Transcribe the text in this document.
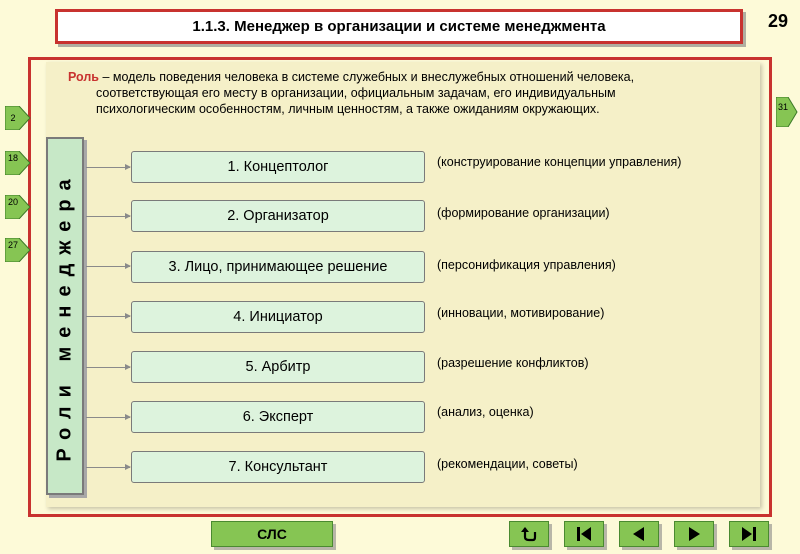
1.1.3. Менеджер в организации и системе менеджмента	29
Роль – модель поведения человека в системе служебных и внеслужебных отношений человека,
соответствующая его месту в организации, официальным задачам, его индивидуальным
психологическим особенностям, личным ценностям, а также ожиданиям окружающих.
Роли менеджера
1. Концептолог
2. Организатор
3. Лицо, принимающее решение
4. Инициатор
5. Арбитр
6. Эксперт
7. Консультант
(конструирование концепции управления)
(формирование организации)
(персонификация управления)
(инновации, мотивирование)
(разрешение конфликтов)
(анализ, оценка)
(рекомендации, советы)
2
18
20
27
31
СЛС
